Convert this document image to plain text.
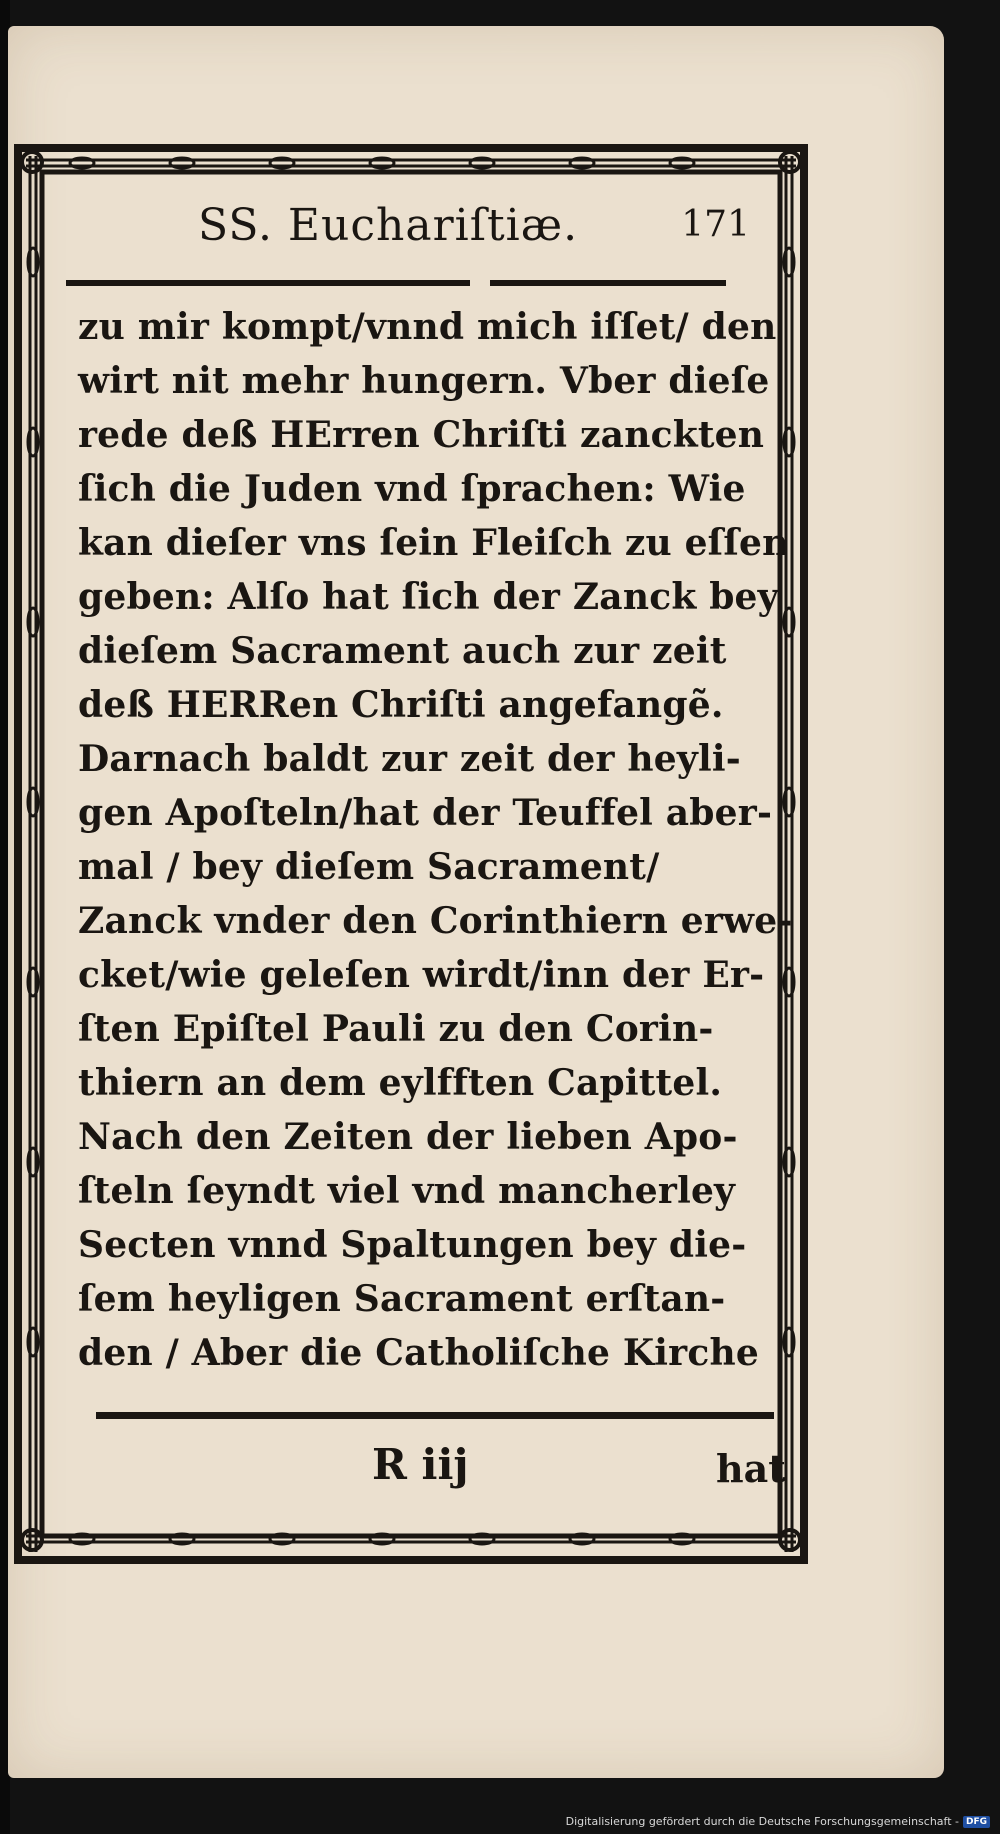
SS. Euchariſtiæ.	171
zu mir kompt/vnnd mich iſſet/ den
wirt nit mehr hungern. Vber dieſe
rede deß HErren Chriſti zanckten
ſich die Juden vnd ſprachen: Wie
kan dieſer vns ſein Fleiſch zu eſſen
geben: Alſo hat ſich der Zanck bey
dieſem Sacrament auch zur zeit
deß HERRen Chriſti angefangẽ.
Darnach baldt zur zeit der heyli-
gen Apoſteln/hat der Teuffel aber-
mal / bey dieſem Sacrament/
Zanck vnder den Corinthiern erwe-
cket/wie geleſen wirdt/inn der Er-
ſten Epiſtel Pauli zu den Corin-
thiern an dem eylfften Capittel.
Nach den Zeiten der lieben Apo-
ſteln ſeyndt viel vnd mancherley
Secten vnnd Spaltungen bey die-
ſem heyligen Sacrament erſtan-
den / Aber die Catholiſche Kirche
R iij	hat
Digitalisierung gefördert durch die Deutsche Forschungsgemeinschaft - DFG
